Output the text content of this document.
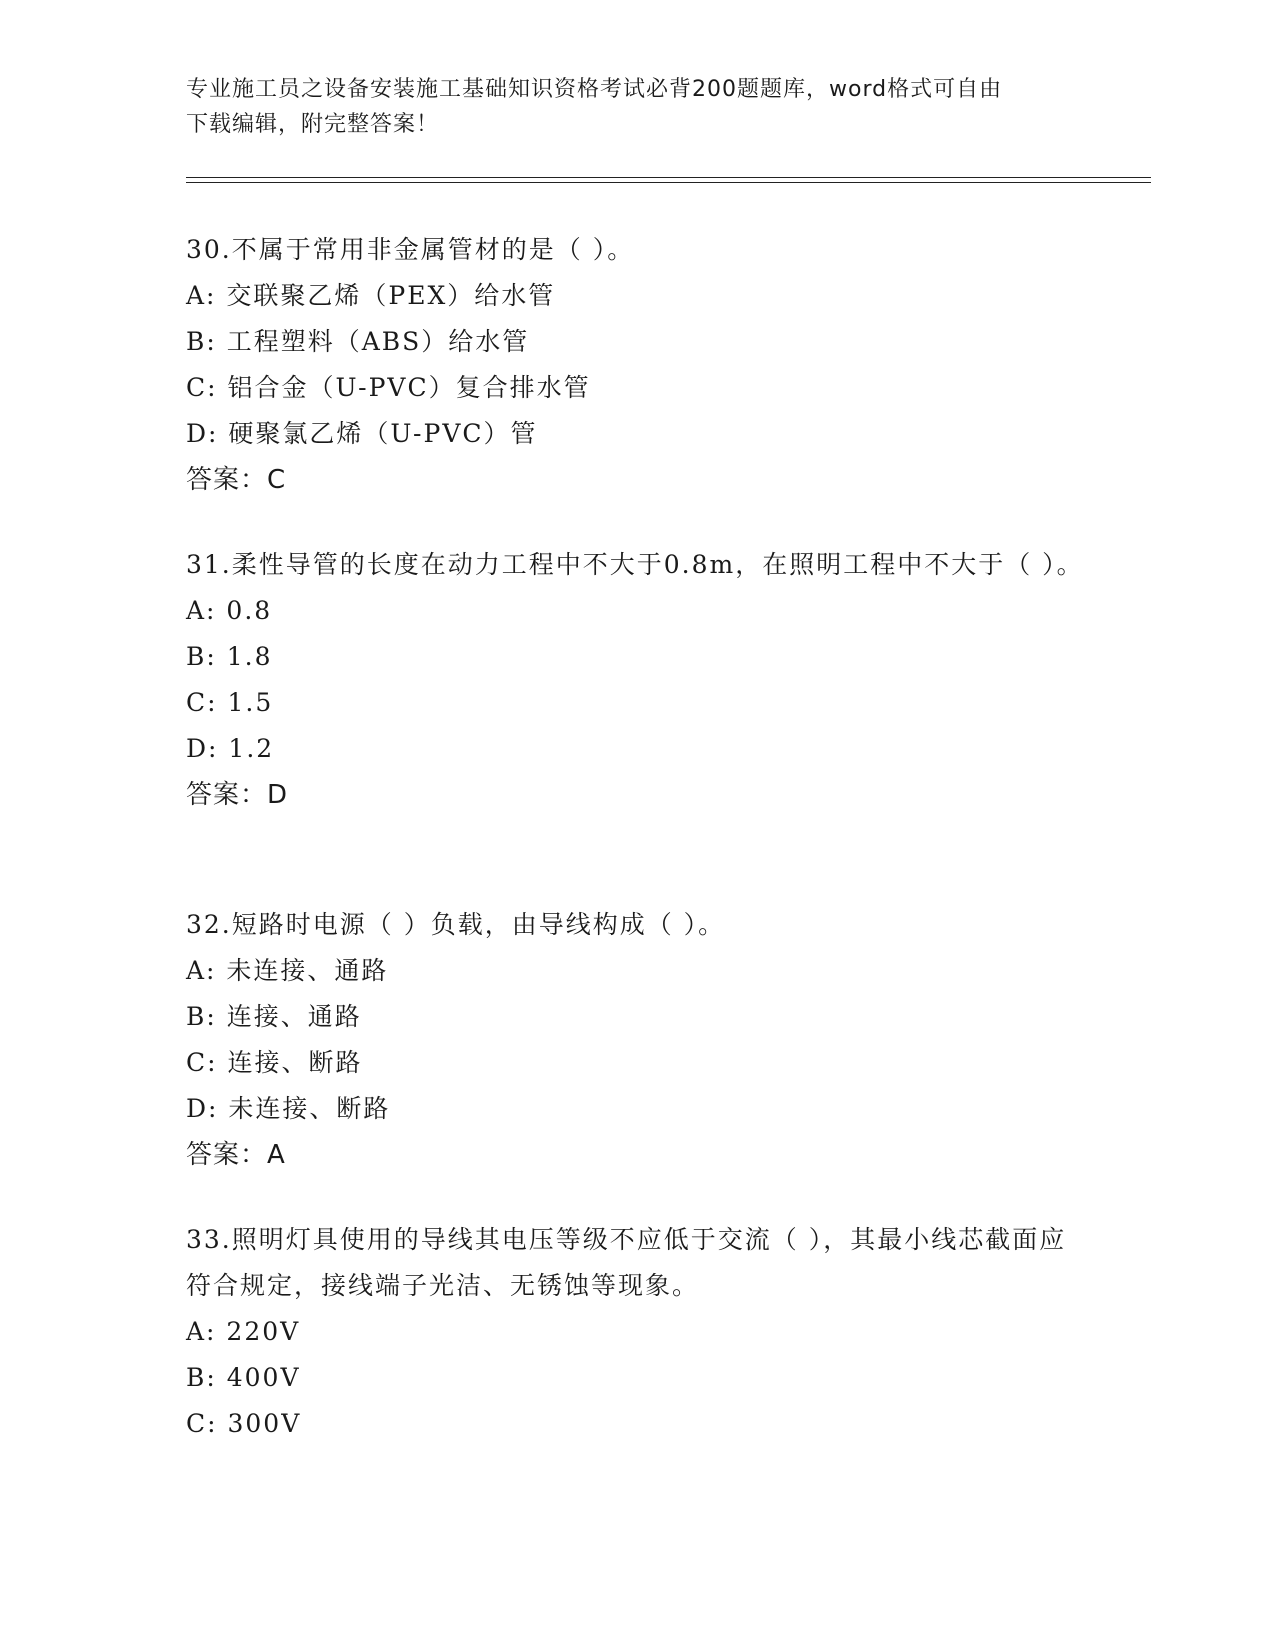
专业施工员之设备安装施工基础知识资格考试必背200题题库，word格式可自由
下载编辑，附完整答案！
30.不属于常用非金属管材的是（ ）。
A: 交联聚乙烯（PEX）给水管
B: 工程塑料（ABS）给水管
C: 铝合金（U-PVC）复合排水管
D: 硬聚氯乙烯（U-PVC）管
答案：C
31.柔性导管的长度在动力工程中不大于0.8m，在照明工程中不大于（ ）。
A: 0.8
B: 1.8
C: 1.5
D: 1.2
答案：D
32.短路时电源（ ）负载，由导线构成（ ）。
A: 未连接、通路
B: 连接、通路
C: 连接、断路
D: 未连接、断路
答案：A
33.照明灯具使用的导线其电压等级不应低于交流（ ），其最小线芯截面应符合规定，接线端子光洁、无锈蚀等现象。
A: 220V
B: 400V
C: 300V
